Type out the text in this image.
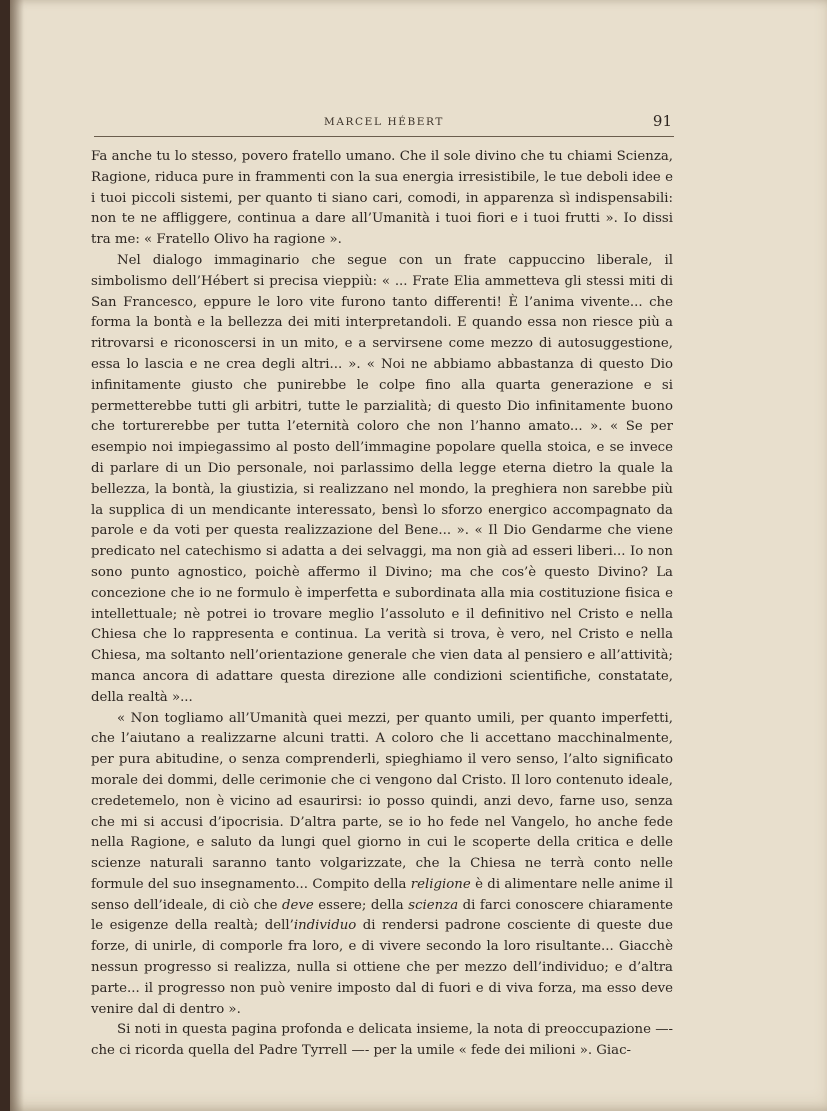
MARCEL HÉBERT	91

Fa anche tu lo stesso, povero fratello umano. Che il sole divino che tu chiami Scienza, Ragione, riduca pure in frammenti con la sua energia irresistibile, le tue deboli idee e i tuoi piccoli sistemi, per quanto ti siano cari, comodi, in apparenza sì indispensabili: non te ne affliggere, continua a dare all’Umanità i tuoi fiori e i tuoi frutti ». Io dissi tra me: « Fratello Olivo ha ragione ».

Nel dialogo immaginario che segue con un frate cappuccino liberale, il simbolismo dell’Hébert si precisa vieppiù: « ... Frate Elia ammetteva gli stessi miti di San Francesco, eppure le loro vite furono tanto differenti! È l’anima vivente... che forma la bontà e la bellezza dei miti interpretandoli. E quando essa non riesce più a ritrovarsi e riconoscersi in un mito, e a servirsene come mezzo di autosuggestione, essa lo lascia e ne crea degli altri... ». « Noi ne abbiamo abbastanza di questo Dio infinitamente giusto che punirebbe le colpe fino alla quarta generazione e si permetterebbe tutti gli arbitri, tutte le parzialità; di questo Dio infinitamente buono che torturerebbe per tutta l’eternità coloro che non l’hanno amato... ». « Se per esempio noi impiegassimo al posto dell’immagine popolare quella stoica, e se invece di parlare di un Dio personale, noi parlassimo della legge eterna dietro la quale la bellezza, la bontà, la giustizia, si realizzano nel mondo, la preghiera non sarebbe più la supplica di un mendicante interessato, bensì lo sforzo energico accompagnato da parole e da voti per questa realizzazione del Bene... ». « Il Dio Gendarme che viene predicato nel catechismo si adatta a dei selvaggi, ma non già ad esseri liberi... Io non sono punto agnostico, poichè affermo il Divino; ma che cos’è questo Divino? La concezione che io ne formulo è imperfetta e subordinata alla mia costituzione fisica e intellettuale; nè potrei io trovare meglio l’assoluto e il definitivo nel Cristo e nella Chiesa che lo rappresenta e continua. La verità si trova, è vero, nel Cristo e nella Chiesa, ma soltanto nell’orientazione generale che vien data al pensiero e all’attività; manca ancora di adattare questa direzione alle condizioni scientifiche, constatate, della realtà »...

« Non togliamo all’Umanità quei mezzi, per quanto umili, per quanto imperfetti, che l’aiutano a realizzarne alcuni tratti. A coloro che li accettano macchinalmente, per pura abitudine, o senza comprenderli, spieghiamo il vero senso, l’alto significato morale dei dommi, delle cerimonie che ci vengono dal Cristo. Il loro contenuto ideale, credetemelo, non è vicino ad esaurirsi: io posso quindi, anzi devo, farne uso, senza che mi si accusi d’ipocrisia. D’altra parte, se io ho fede nel Vangelo, ho anche fede nella Ragione, e saluto da lungi quel giorno in cui le scoperte della critica e delle scienze naturali saranno tanto volgarizzate, che la Chiesa ne terrà conto nelle formule del suo insegnamento... Compito della religione è di alimentare nelle anime il senso dell’ideale, di ciò che deve essere; della scienza di farci conoscere chiaramente le esigenze della realtà; dell’individuo di rendersi padrone cosciente di queste due forze, di unirle, di comporle fra loro, e di vivere secondo la loro risultante... Giacchè nessun progresso si realizza, nulla si ottiene che per mezzo dell’individuo; e d’altra parte... il progresso non può venire imposto dal di fuori e di viva forza, ma esso deve venire dal di dentro ».

Si noti in questa pagina profonda e delicata insieme, la nota di preoccupazione —- che ci ricorda quella del Padre Tyrrell —- per la umile « fede dei milioni ». Giac-
